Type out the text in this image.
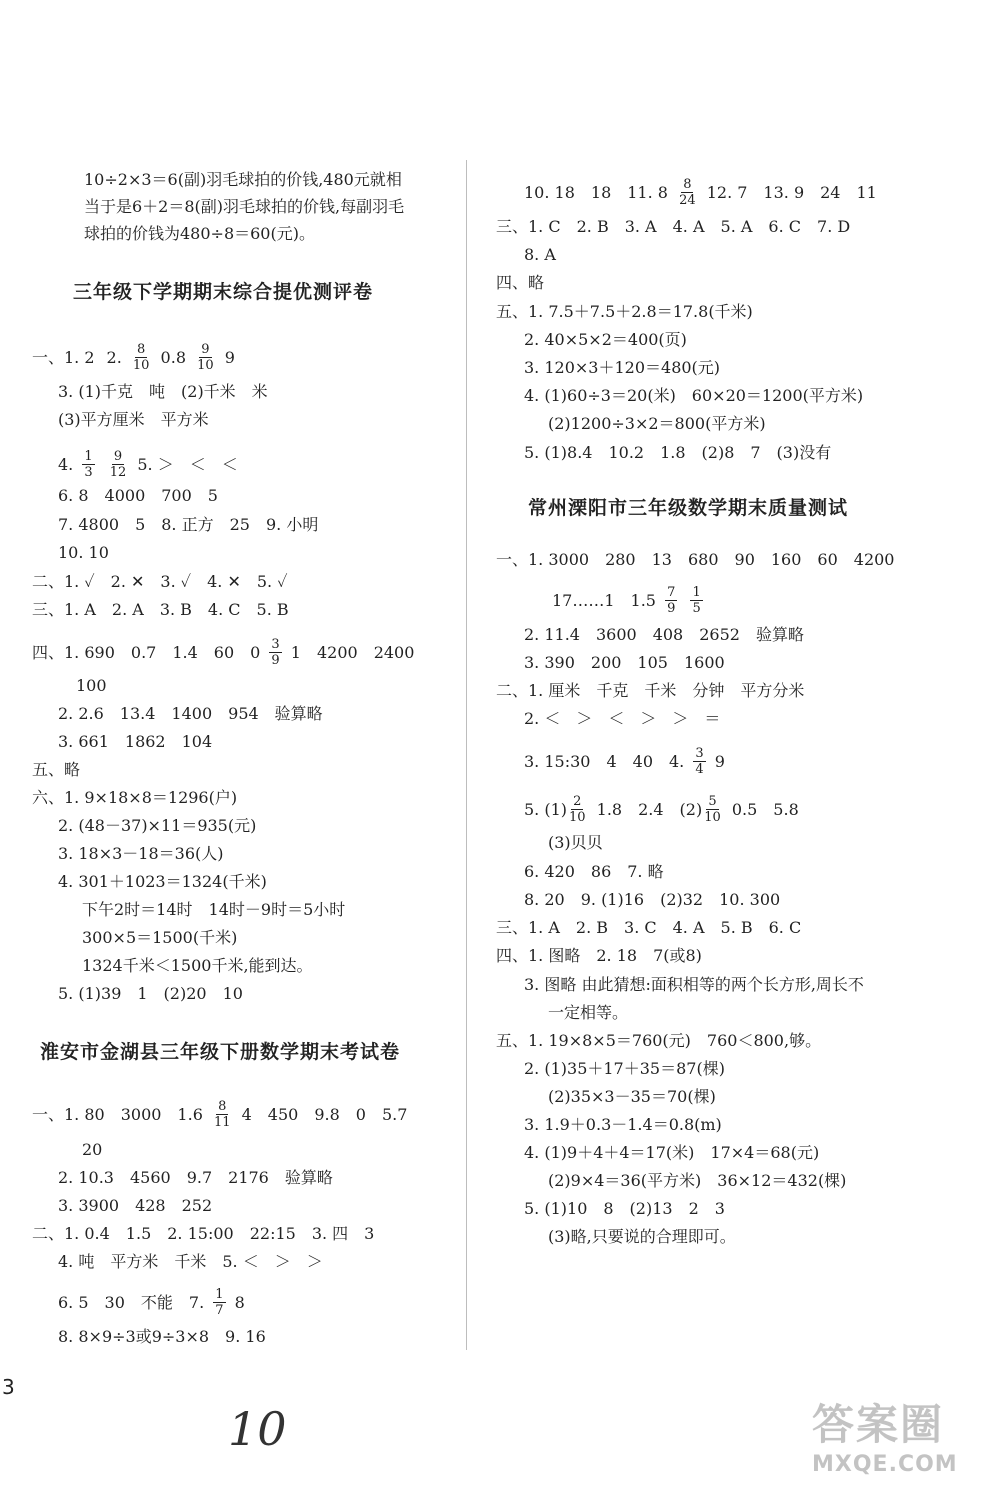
10÷2×3＝6(副)羽毛球拍的价钱,480元就相
当于是6＋2＝8(副)羽毛球拍的价钱,每副羽毛
球拍的价钱为480÷8＝60(元)。
三年级下学期期末综合提优测评卷
一、1. 2 2. $\frac{8}{10} 0.8 \frac{9}{10} 9$
3. (1)千克　吨　(2)千米　米
(3)平方厘米　平方米
4. $\frac{1}{3}$
$\frac{9}{12} 5$. ＞　＜　＜
6. 8　4000　700　5
7. 4800　5　8. 正方　25　9. 小明
10. 10
二、1. ✓　2. ✕　3. ✓　4. ✕　5. ✓
三、1. A　2. A　3. B　4. C　5. B
四、1. 690　0.7　1.4　60　$0 \frac{3}{9} 1$　4200　2400
100
2. 2.6　13.4　1400　954　验算略
3. 661　1862　104
五、略
六、1. 9×18×8＝1296(户)
2. (48－37)×11＝935(元)
3. 18×3－18＝36(人)
4. 301＋1023＝1324(千米)
下午2时＝14时　14时－9时＝5小时
300×5＝1500(千米)
1324千米＜1500千米,能到达。
5. (1)39　1　(2)20　10
淮安市金湖县三年级下册数学期末考试卷
一、1. 80　3000　$1.6 \frac{8}{11} 4$　450　9.8　0　5.7
20
2. 10.3　4560　9.7　2176　验算略
3. 3900　428　252
二、1. 0.4　1.5　2. 15:00　22:15　3. 四　3
4. 吨　平方米　千米　5. ＜　＞　＞
6. 5　30　不能　7. $\frac{1}{7} 8$
8. 8×9÷3或9÷3×8　9. 16
10. 18　18　11. $8 \frac{8}{24} 12$. 7　13. 9　24　11
三、1. C　2. B　3. A　4. A　5. A　6. C　7. D
8. A
四、略
五、1. 7.5＋7.5＋2.8＝17.8(千米)
2. 40×5×2＝400(页)
3. 120×3＋120＝480(元)
4. (1)60÷3＝20(米)　60×20＝1200(平方米)
(2)1200÷3×2＝800(平方米)
5. (1)8.4　10.2　1.8　(2)8　7　(3)没有
常州溧阳市三年级数学期末质量测试
一、1. 3000　280　13　680　90　160　60　4200
17……1　$1.5 \frac{7}{9}$
$\frac{1}{5}$
2. 11.4　3600　408　2652　验算略
3. 390　200　105　1600
二、1. 厘米　千克　千米　分钟　平方分米
2. ＜　＞　＜　＞　＞　＝
3. 15:30　4　40　4. $\frac{3}{4} 9$
5. $(1) \frac{2}{10} 1.8$　2.4　$(2) \frac{5}{10} 0.5$　5.8
(3)贝贝
6. 420　86　7. 略
8. 20　9. (1)16　(2)32　10. 300
三、1. A　2. B　3. C　4. A　5. B　6. C
四、1. 图略　2. 18　7(或8)
3. 图略 由此猜想:面积相等的两个长方形,周长不
一定相等。
五、1. 19×8×5＝760(元)　760＜800,够。
2. (1)35＋17＋35＝87(棵)
(2)35×3－35＝70(棵)
3. 1.9＋0.3－1.4＝0.8(m)
4. (1)9＋4＋4＝17(米)　17×4＝68(元)
(2)9×4＝36(平方米)　36×12＝432(棵)
5. (1)10　8　(2)13　2　3
(3)略,只要说的合理即可。
3
10	答案圈
MXQE.COM
